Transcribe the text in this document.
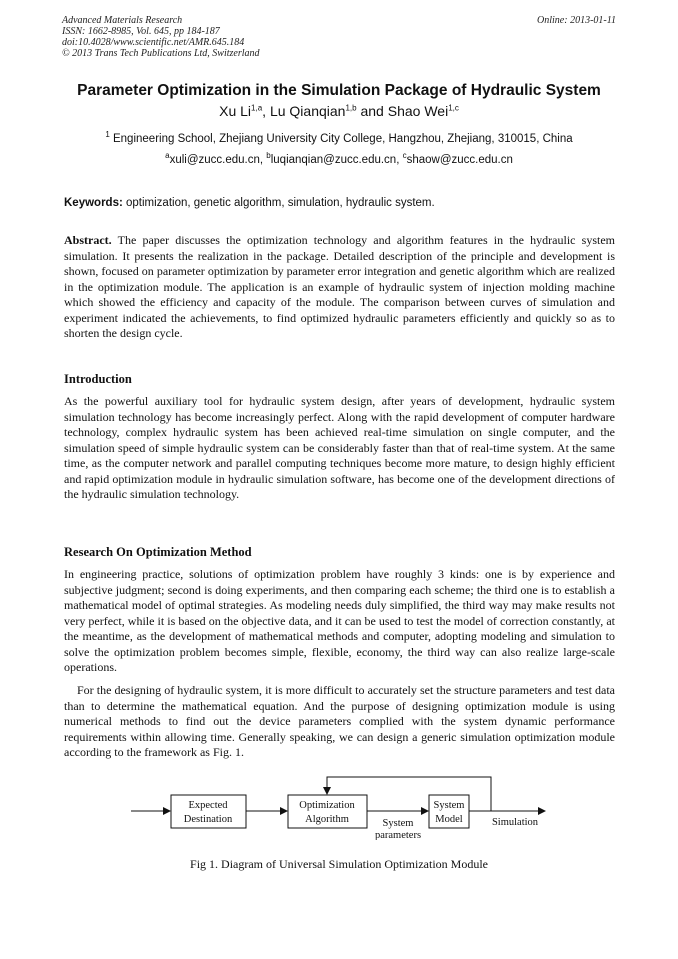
Advanced Materials Research
ISSN: 1662-8985, Vol. 645, pp 184-187
doi:10.4028/www.scientific.net/AMR.645.184
© 2013 Trans Tech Publications Ltd, Switzerland
Online: 2013-01-11
Parameter Optimization in the Simulation Package of Hydraulic System
Xu Li$^{1,a}$, Lu Qianqian$^{1,b}$ and Shao Wei$^{1,c}$
$^1$ Engineering School, Zhejiang University City College, Hangzhou, Zhejiang, 310015, China
$^a$xuli@zucc.edu.cn, $^b$luqianqian@zucc.edu.cn, $^c$shaow@zucc.edu.cn
Keywords: optimization, genetic algorithm, simulation, hydraulic system.

Abstract. The paper discusses the optimization technology and algorithm features in the hydraulic system simulation. It presents the realization in the package. Detailed description of the principle and development is shown, focused on parameter optimization by parameter error integration and genetic algorithm which are realized in the optimization module. The application is an example of hydraulic system of injection molding machine which showed the efficiency and capacity of the module. The comparison between curves of simulation and experiment indicated the achievements, to find optimized hydraulic parameters efficiently and quickly so as to shorten the design cycle.

Introduction

As the powerful auxiliary tool for hydraulic system design, after years of development, hydraulic system simulation technology has become increasingly perfect. Along with the rapid development of computer hardware technology, complex hydraulic system has been achieved real-time simulation on single computer, and the simulation speed of simple hydraulic system can be considerably faster than that of real-time system. At the same time, as the computer network and parallel computing techniques become more mature, to design highly efficient and rapid optimization module in hydraulic simulation software, has become one of the development directions of the hydraulic simulation technology.

Research On Optimization Method

In engineering practice, solutions of optimization problem have roughly 3 kinds: one is by experience and subjective judgment; second is doing experiments, and then comparing each scheme; the third one is to establish a mathematical model of optimal strategies. As modeling needs duly simplified, the third way may make results not very perfect, while it is based on the objective data, and it can be used to test the model of correction constantly, at the meantime, as the development of mathematical methods and computer, adopting modeling and simulation to solve the optimization problem becomes simple, flexible, economy, the third way can also realize large-scale operations.

For the designing of hydraulic system, it is more difficult to accurately set the structure parameters and test data than to determine the mathematical equation. And the purpose of designing optimization module is using numerical methods to find out the device parameters complied with the system dynamic performance requirements within allowing time. Generally speaking, we can design a generic simulation optimization module according to the framework as Fig. 1.

Expected
Destination
Optimization
Algorithm	System
parameters
System
Model	Simulation
Fig 1. Diagram of Universal Simulation Optimization Module
